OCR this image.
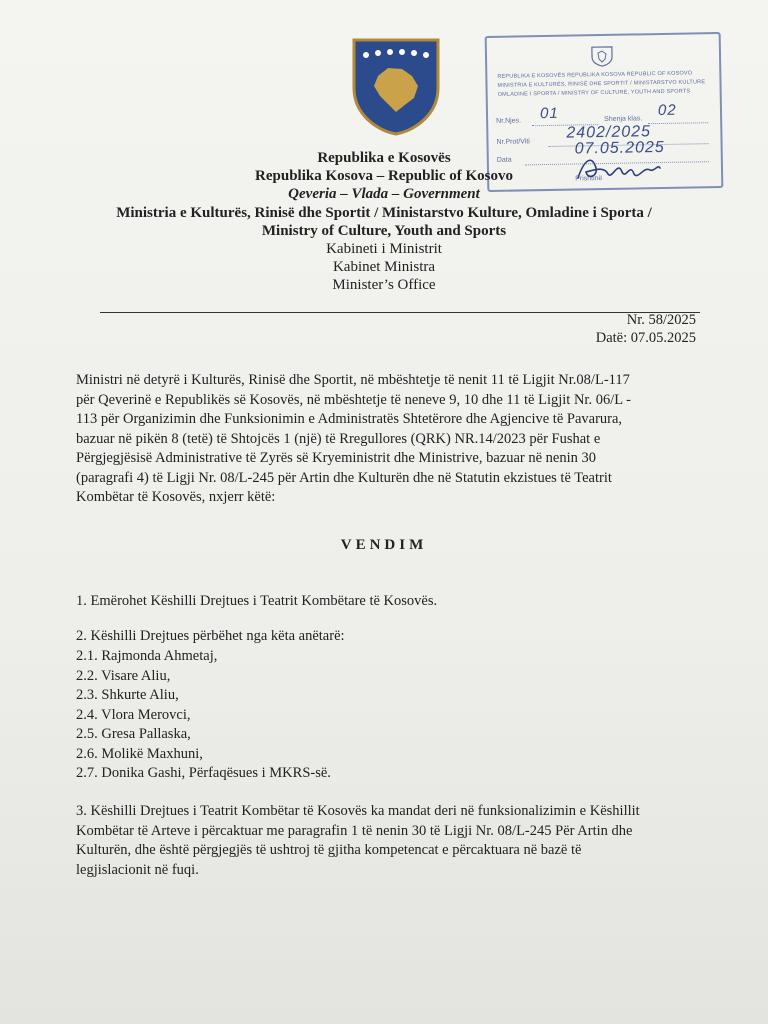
REPUBLIKA E KOSOVËS REPUBLIKA KOSOVA REPUBLIC OF KOSOVO
MINISTRIA E KULTURËS, RINISË DHE SPORTIT / MINISTARSTVO KULTURE
OMLADINE I SPORTA / MINISTRY OF CULTURE, YOUTH AND SPORTS
Nr.Njes. 01	Shenja klas.
02
Nr.Prot/Viti
2402/2025
Data
07.05.2025
Prishtinë
Republika e Kosovës
Republika Kosova – Republic of Kosovo
Qeveria – Vlada – Government
Ministria e Kulturës, Rinisë dhe Sportit / Ministarstvo Kulture, Omladine i Sporta /
Ministry of Culture, Youth and Sports
Kabineti i Ministrit
Kabinet Ministra
Minister’s Office
Nr. 58/2025
Datë: 07.05.2025
Ministri në detyrë i Kulturës, Rinisë dhe Sportit, në mbështetje të nenit 11 të Ligjit Nr.08/L-117
për Qeverinë e Republikës së Kosovës, në mbështetje të neneve 9, 10 dhe 11 të Ligjit Nr. 06/L -
113 për Organizimin dhe Funksionimin e Administratës Shtetërore dhe Agjencive të Pavarura,
bazuar në pikën 8 (tetë) të Shtojcës 1 (një) të Rregullores (QRK) NR.14/2023 për Fushat e
Përgjegjësisë Administrative të Zyrës së Kryeministrit dhe Ministrive, bazuar në nenin 30
(paragrafi 4) të Ligji Nr. 08/L-245 për Artin dhe Kulturën dhe në Statutin ekzistues të Teatrit
Kombëtar të Kosovës, nxjerr këtë:
VENDIM
1. Emërohet Këshilli Drejtues i Teatrit Kombëtare të Kosovës.
2. Këshilli Drejtues përbëhet nga këta anëtarë:
2.1. Rajmonda Ahmetaj,
2.2. Visare Aliu,
2.3. Shkurte Aliu,
2.4. Vlora Merovci,
2.5. Gresa Pallaska,
2.6. Molikë Maxhuni,
2.7. Donika Gashi, Përfaqësues i MKRS-së.
3. Këshilli Drejtues i Teatrit Kombëtar të Kosovës ka mandat deri në funksionalizimin e Këshillit
Kombëtar të Arteve i përcaktuar me paragrafin 1 të nenin 30 të Ligji Nr. 08/L-245 Për Artin dhe
Kulturën, dhe është përgjegjës të ushtroj të gjitha kompetencat e përcaktuara në bazë të
legjislacionit në fuqi.
